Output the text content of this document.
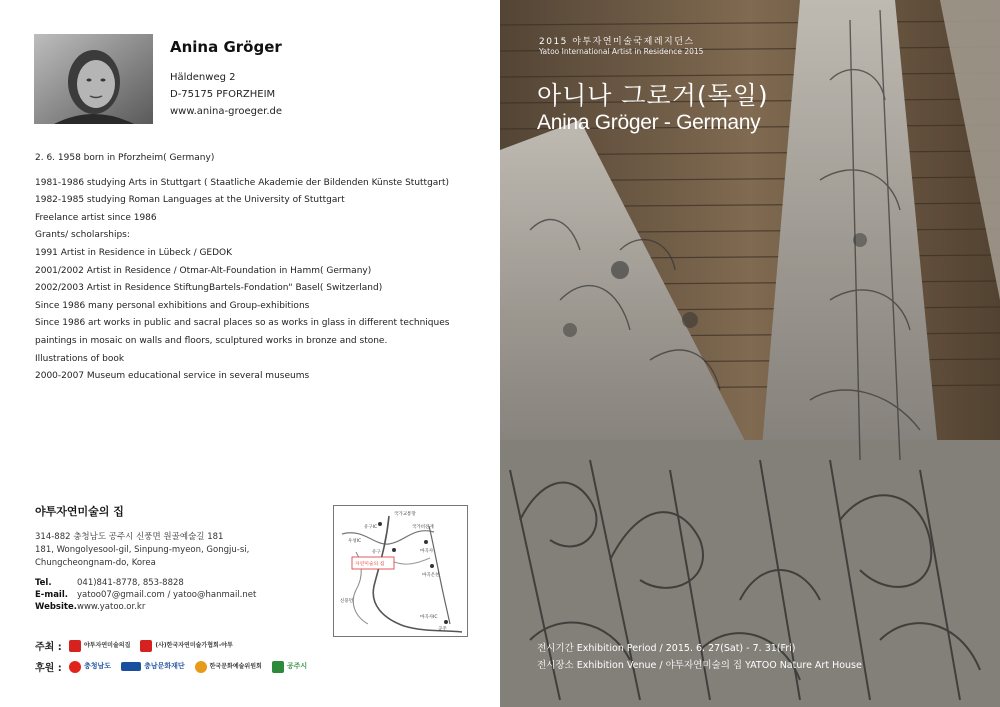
Anina Gröger
Häldenweg 2
D-75175 PFORZHEIM
www.anina-groeger.de
2. 6. 1958 born in Pforzheim( Germany)
1981-1986 studying Arts in Stuttgart ( Staatliche Akademie der Bildenden Künste Stuttgart)
1982-1985 studying Roman Languages at the University of Stuttgart
Freelance artist since 1986
Grants/ scholarships:
1991 Artist in Residence in Lübeck / GEDOK
2001/2002 Artist in Residence / Otmar-Alt-Foundation in Hamm( Germany)
2002/2003 Artist in Residence StiftungBartels-Fondation" Basel( Switzerland)
Since 1986 many personal exhibitions and Group-exhibitions
Since 1986 art works in public and sacral places so as works in glass in different techniques
paintings in mosaic on walls and floors, sculptured works in bronze and stone.
Illustrations of book
2000-2007 Museum educational service in several museums
야투자연미술의 집
314-882 충청남도 공주시 신풍면 원골예술길 181
181, Wongolyesool-gil, Sinpung-myeon, Gongju-si,
Chungcheongnam-do, Korea
Tel.	041)841-8778, 853-8828
E-mail.	yatoo07@gmail.com / yatoo@hanmail.net
Website. www.yatoo.or.kr
국가교통망
유구IC	국가비전재
우성IC
마곡사
유구
자연미술의 집
마곡온천
신풍면
마곡사IC
공주
주최 :	야투자연미술의집	(사)한국자연미술가협회-야투
후원 :	충청남도	충남문화재단	한국문화예술위원회	공주시
2015 야투자연미술국제레지던스
Yatoo International Artist in Residence 2015
아니나 그로거(독일)
Anina Gröger - Germany
전시기간 Exhibition Period / 2015. 6. 27(Sat) - 7. 31(Fri)
전시장소 Exhibition Venue / 야투자연미술의 집 YATOO Nature Art House
